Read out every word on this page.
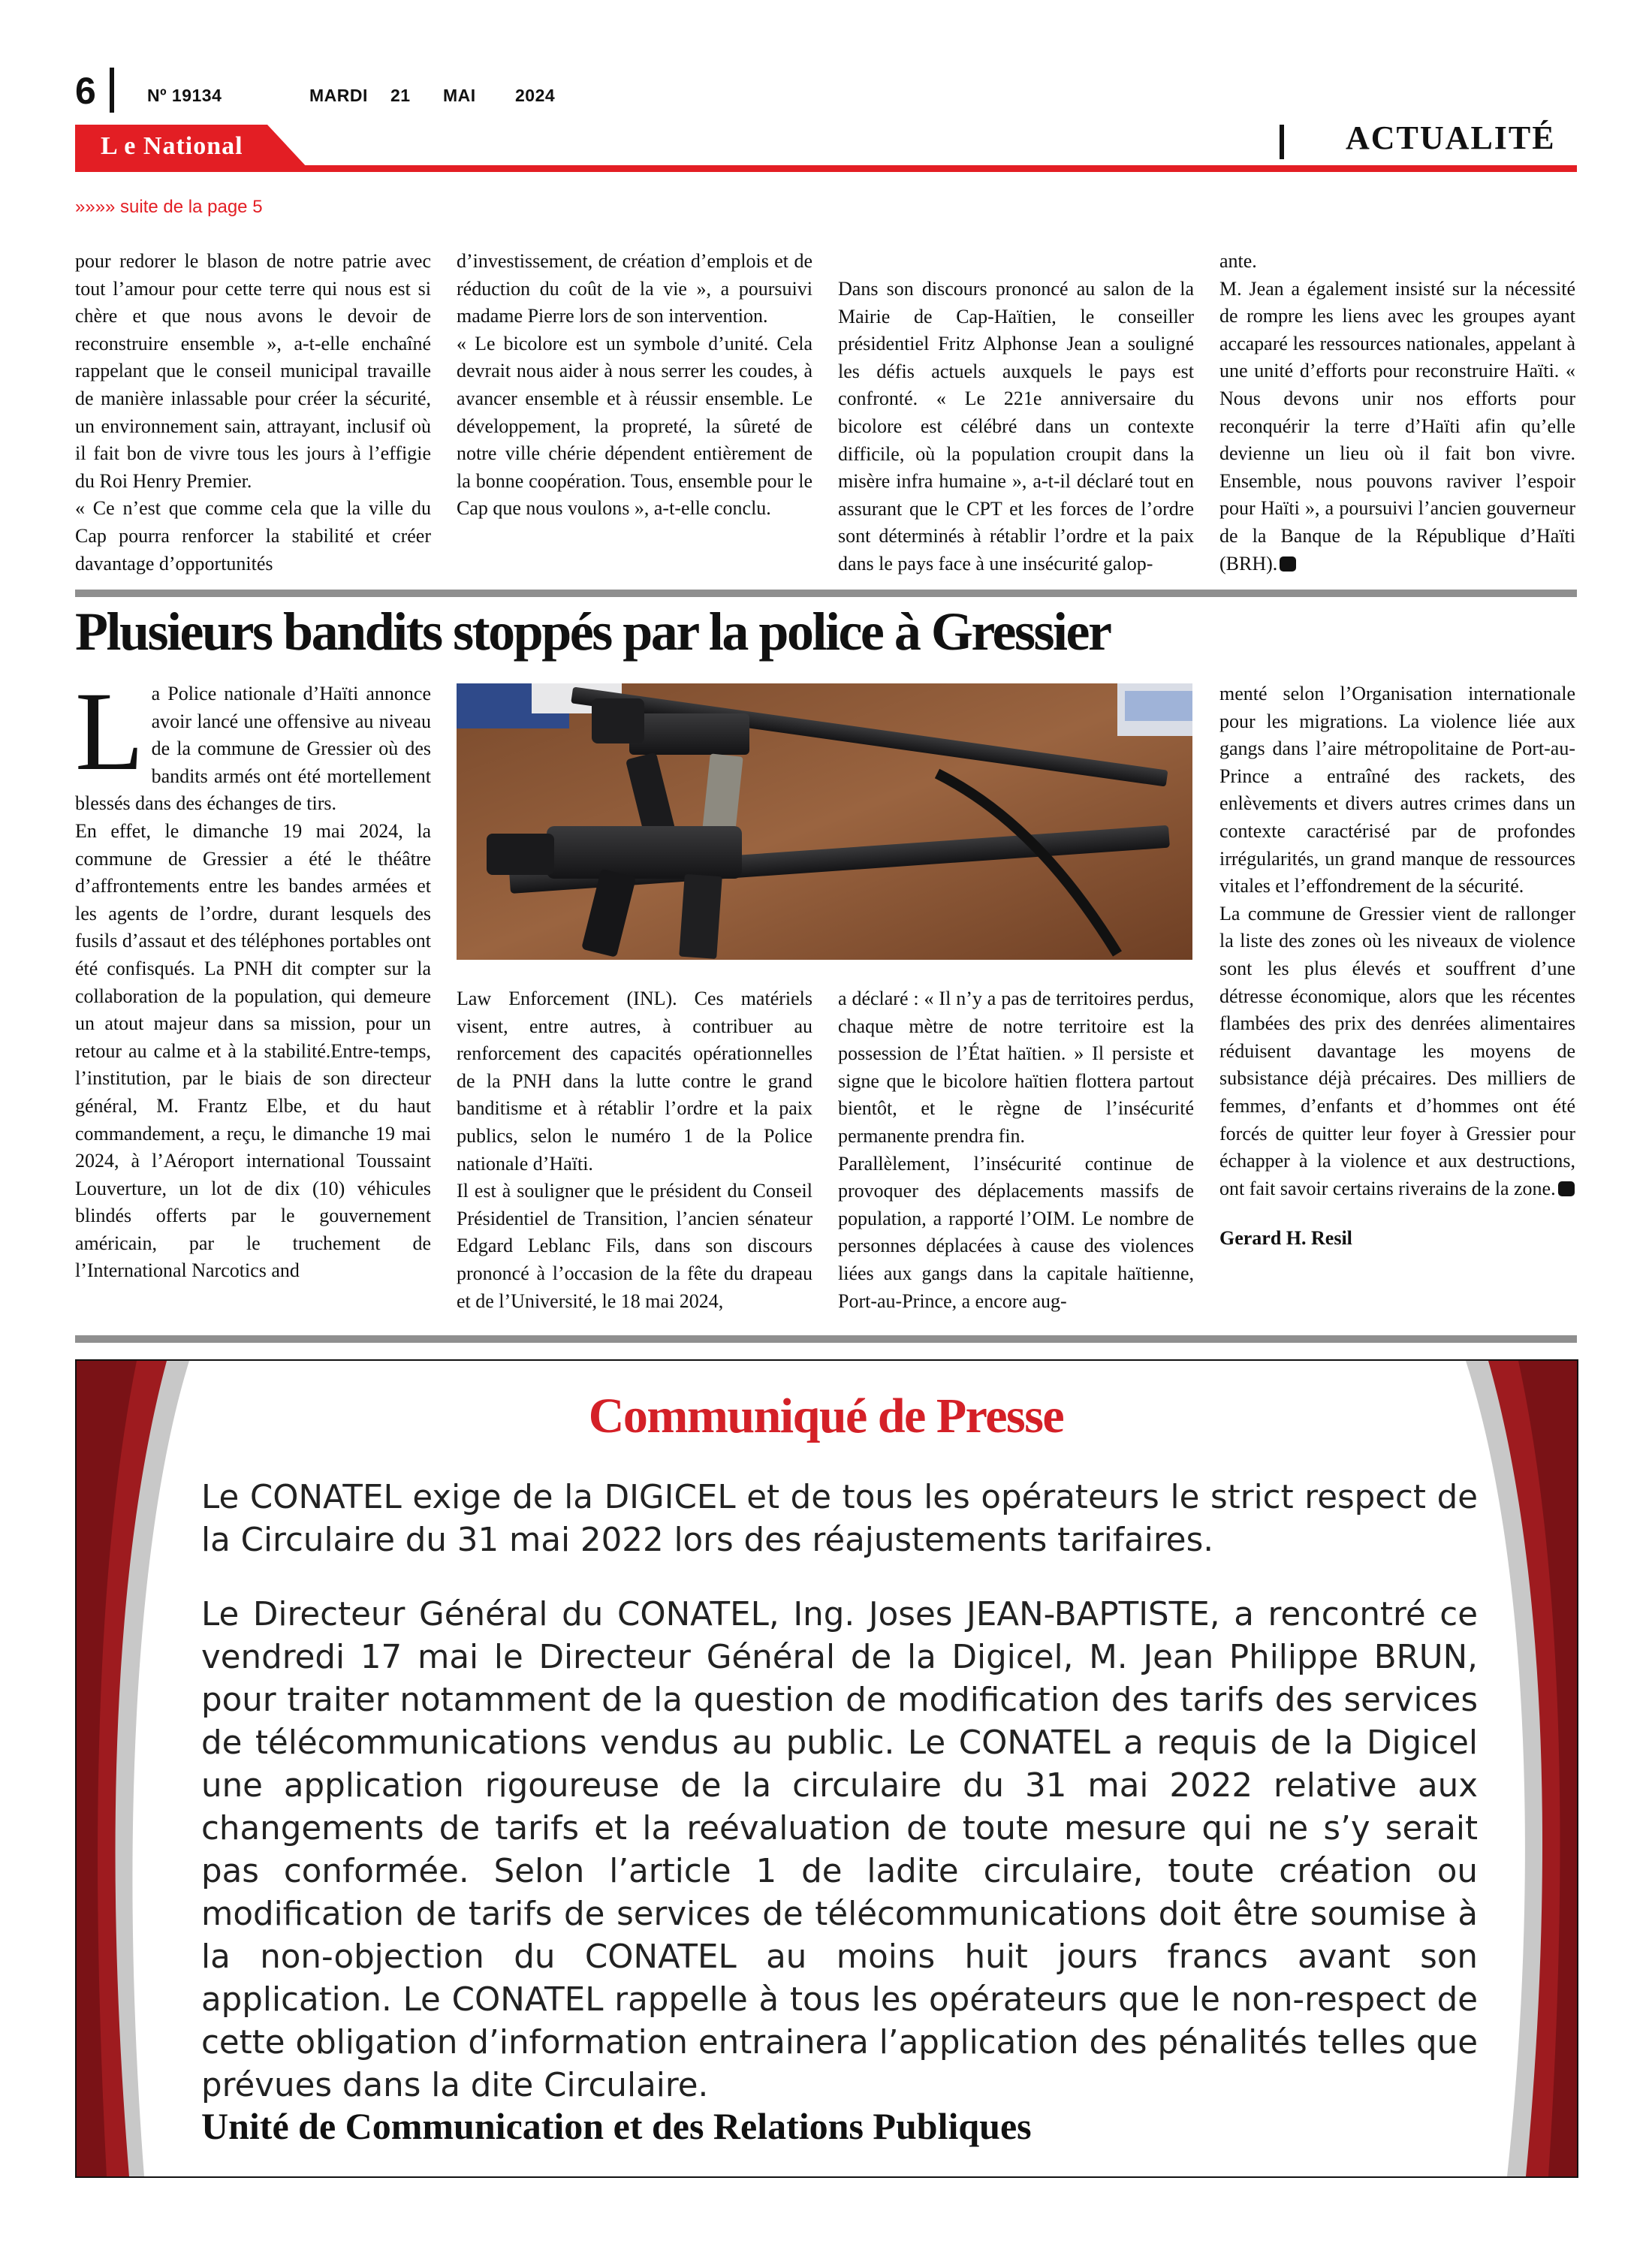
6	Nº 19134	MARDI 21 MAI 2024
L e National	ACTUALITÉ
»»»» suite de la page 5

pour redorer le blason de notre patrie avec tout l’amour pour cette terre qui nous est si chère et que nous avons le devoir de reconstruire ensemble », a-t-elle enchaîné rappelant que le conseil municipal travaille de manière inlassable pour créer la sécurité, un environnement sain, attrayant, inclusif où il fait bon de vivre tous les jours à l’effigie du Roi Henry Premier.

« Ce n’est que comme cela que la ville du Cap pourra renforcer la stabilité et créer davantage d’opportunités

d’investissement, de création d’emplois et de réduction du coût de la vie », a poursuivi madame Pierre lors de son intervention.

« Le bicolore est un symbole d’unité. Cela devrait nous aider à nous serrer les coudes, à avancer ensemble et à réussir ensemble. Le développement, la propreté, la sûreté de notre ville chérie dépendent entièrement de la bonne coopération. Tous, ensemble pour le Cap que nous voulons », a-t-elle conclu.

Dans son discours prononcé au salon de la Mairie de Cap-Haïtien, le conseiller présidentiel Fritz Alphonse Jean a souligné les défis actuels auxquels le pays est confronté. « Le 221e anniversaire du bicolore est célébré dans un contexte difficile, où la population croupit dans la misère infra humaine », a-t-il déclaré tout en assurant que le CPT et les forces de l’ordre sont déterminés à rétablir l’ordre et la paix dans le pays face à une insécurité galop-

ante.

M. Jean a également insisté sur la nécessité de rompre les liens avec les groupes ayant accaparé les ressources nationales, appelant à une unité d’efforts pour reconstruire Haïti. « Nous devons unir nos efforts pour reconquérir la terre d’Haïti afin qu’elle devienne un lieu où il fait bon vivre. Ensemble, nous pouvons raviver l’espoir pour Haïti », a poursuivi l’ancien gouverneur de la Banque de la République d’Haïti (BRH).

Plusieurs bandits stoppés par la police à Gressier

La Police nationale d’Haïti annonce avoir lancé une offensive au niveau de la commune de Gressier où des bandits armés ont été mortellement blessés dans des échanges de tirs.

En effet, le dimanche 19 mai 2024, la commune de Gressier a été le théâtre d’affrontements entre les bandes armées et les agents de l’ordre, durant lesquels des fusils d’assaut et des téléphones portables ont été confisqués. La PNH dit compter sur la collaboration de la population, qui demeure un atout majeur dans sa mission, pour un retour au calme et à la stabilité.Entre-temps, l’institution, par le biais de son directeur général, M. Frantz Elbe, et du haut commandement, a reçu, le dimanche 19 mai 2024, à l’Aéroport international Toussaint Louverture, un lot de dix (10) véhicules blindés offerts par le gouvernement américain, par le truchement de l’International Narcotics and

Law Enforcement (INL). Ces matériels visent, entre autres, à contribuer au renforcement des capacités opérationnelles de la PNH dans la lutte contre le grand banditisme et à rétablir l’ordre et la paix publics, selon le numéro 1 de la Police nationale d’Haïti.

Il est à souligner que le président du Conseil Présidentiel de Transition, l’ancien sénateur Edgard Leblanc Fils, dans son discours prononcé à l’occasion de la fête du drapeau et de l’Université, le 18 mai 2024,

a déclaré : « Il n’y a pas de territoires perdus, chaque mètre de notre territoire est la possession de l’État haïtien. » Il persiste et signe que le bicolore haïtien flottera partout bientôt, et le règne de l’insécurité permanente prendra fin.

Parallèlement, l’insécurité continue de provoquer des déplacements massifs de population, a rapporté l’OIM. Le nombre de personnes déplacées à cause des violences liées aux gangs dans la capitale haïtienne, Port-au-Prince, a encore aug-

menté selon l’Organisation internationale pour les migrations. La violence liée aux gangs dans l’aire métropolitaine de Port-au-Prince a entraîné des rackets, des enlèvements et divers autres crimes dans un contexte caractérisé par de profondes irrégularités, un grand manque de ressources vitales et l’effondrement de la sécurité.

La commune de Gressier vient de rallonger la liste des zones où les niveaux de violence sont les plus élevés et souffrent d’une détresse économique, alors que les récentes flambées des prix des denrées alimentaires réduisent davantage les moyens de subsistance déjà précaires. Des milliers de femmes, d’enfants et d’hommes ont été forcés de quitter leur foyer à Gressier pour échapper à la violence et aux destructions, ont fait savoir certains riverains de la zone.

Gerard H. Resil

Communiqué de Presse
Le CONATEL exige de la DIGICEL et de tous les opérateurs le strict respect de la Circulaire du 31 mai 2022 lors des réajustements tarifaires.
Le Directeur Général du CONATEL, Ing. Joses JEAN-BAPTISTE, a rencontré ce vendredi 17 mai le Directeur Général de la Digicel, M. Jean Philippe BRUN, pour traiter notamment de la question de modification des tarifs des services de télécommunications vendus au public. Le CONATEL a requis de la Digicel une application rigoureuse de la circulaire du 31 mai 2022 relative aux changements de tarifs et la reévaluation de toute mesure qui ne s’y serait pas conformée. Selon l’article 1 de ladite circulaire, toute création ou modification de tarifs de services de télécommunications doit être soumise à la non-objection du CONATEL au moins huit jours francs avant son application. Le CONATEL rappelle à tous les opérateurs que le non-respect de cette obligation d’information entrainera l’application des pénalités telles que prévues dans la dite Circulaire.
Unité de Communication et des Relations Publiques
